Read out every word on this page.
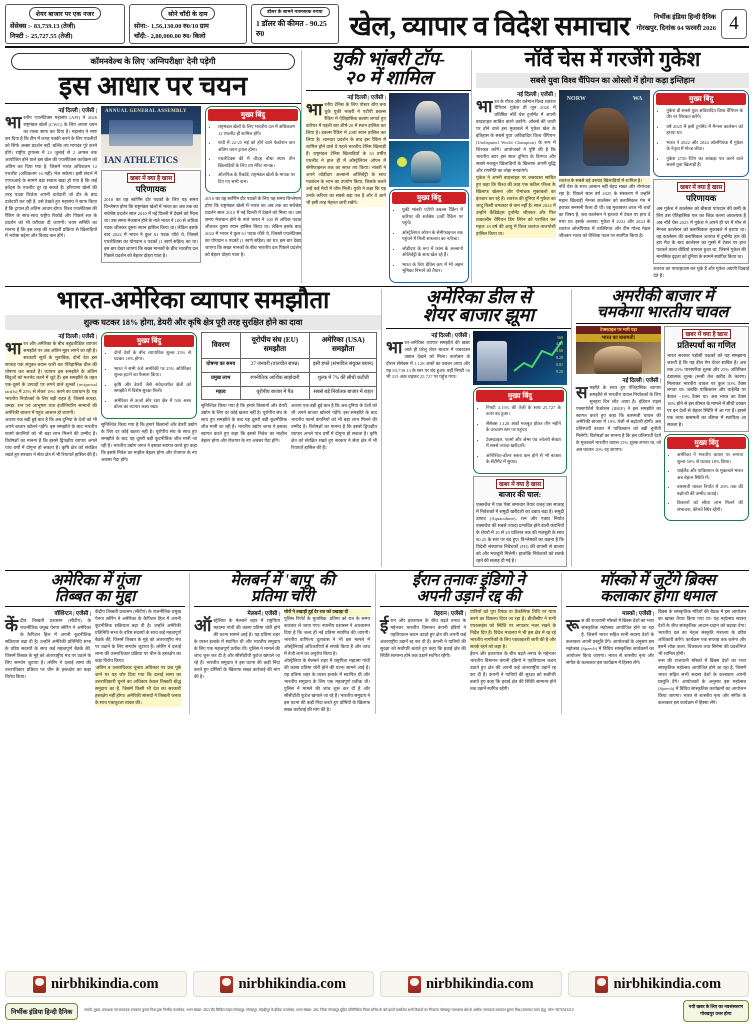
शेयर बाजार पर एक नजर
सेंसेक्स :- 83,739.13 (तेजी)
निफ्टी :- 25,727.55 (तेजी)
सोने चाँदी के दाम
सोना:- 1,56,130.00 रु0/10 ग्राम
चाँदी:- 2,80,000.00 रु0/ किलो
डॉलर के सामने नतमस्तक रुपया
1 डॉलर की कीमत - 90.25 रु0	खेल, व्यापार व विदेश समाचार	निर्भीक इंडिया हिन्दी दैनिक
गोरखपुर, दिनांक 04 फरवरी 2026 4
कॉमनवेल्थ के लिए 'अग्निपरीक्षा' देनी पड़ेगी
इस आधार पर चयन
नई दिल्ली | एजेंसी |
भारतीय एथलेटिक्स महासंघ (AFI) ने 2026 राष्ट्रमंडल खेलों (CWG) के लिए अपना चयन का रास्ता साफ कर दिया है। महासंघ ने स्पष्ट कर दिया है कि टीम में जगह पक्की करने के लिए एथलीटों को सिर्फ अच्छा प्रदर्शन नहीं, बल्कि तय मापदंड पूरे करने होंगे। राष्ट्रीय ट्रायल्स में 23 जुलाई से 2 अगस्त तक आयोजित होने वाले इस खेल की एथलेटिक्स कार्यक्रम को अंतिम कर दिया गया है, जिसमें भारत अधिकतम 12 एथलीट (अधिकतम 16 नहीं) भेज सकेगा। इसी संदर्भ में एएफआई के सामने बड़ा सवाल खड़ा हो गया है कि कई इवेंट्स के एथलीट दूर रह सकते हैं। हरियाणा खेलों की तरह पदक विजेता अपनी दावेदारी जो दौर के बाद दावेदारी कर रही है, उसे देखते हुए महासंघ ने साफ किया है कि ट्रायल ही अंतिम आधार होगा। विश्व एथलेटिक्स की रैंकिंग के साथ-साथ राष्ट्रीय रिकॉर्ड और पिछले सत्र के प्रदर्शन को भी वरीयता दी जाएगी। चयन समिति का मानना है कि इस तरह की पारदर्शी प्रक्रिया से खिलाड़ियों में भरोसा बढ़ेगा और विवाद कम होंगे।
ANNUAL GENERAL ASSEMBLY
IAN ATHLETICS
खबर में क्या है खास
परिणायक
2010 का वह स्वर्णिम दौर पदकों के लिए यह समय विश्लेषण होगा कि राष्ट्रमंडल खेलों में भारत का अब तक का सर्वश्रेष्ठ प्रदर्शन साल 2010 में नई दिल्ली में देखने को मिला था। उस समय मेजबान होने के नाते भारत ने 100 से अधिक पदक जीतकर दूसरा स्थान हासिल किया था। लेकिन इसके बाद 2022 में भारत ने कुल 61 पदक जीते थे, जिससे एथलेटिक्स का योगदान 8 पदकों (1 स्वर्ण सहित) का था। इस बार देखा जाएगा कि सख्त मानकों के बीच भारतीय दल पिछले प्रदर्शन को बेहतर दोहरा पाता है।
मुख्य बिंदु
• राष्ट्रमंडल खेलों के लिए भारतीय दल में अधिकतम 12 एथलीट ही शामिल होंगे।
• रांची में 22-25 मई को होने वाले फेडरेशन कप अंतिम चयन ट्रायल होगा।
• एथलेटिक्स की में चौदह चौथा स्थान तीन खिलाड़ियों के लिए तय मेरिट मानक।
• ओलंपिक के रिकॉर्ड, राष्ट्रमंडल खेलों के मापक पर दिए गए सभी नाम।
2010 का वह स्वर्णिम दौर पदकों के लिए यह समय विश्लेषण होगा कि राष्ट्रमंडल खेलों में भारत का अब तक का सर्वश्रेष्ठ प्रदर्शन साल 2010 में नई दिल्ली में देखने को मिला था। उस समय मेजबान होने के नाते भारत ने 100 से अधिक पदक जीतकर दूसरा स्थान हासिल किया था। लेकिन इसके बाद 2022 में भारत ने कुल 61 पदक जीते थे, जिससे एथलेटिक्स का योगदान 8 पदकों (1 स्वर्ण सहित) का था। इस बार देखा जाएगा कि सख्त मानकों के बीच भारतीय दल पिछले प्रदर्शन को बेहतर दोहरा पाता है।
युकी भांबरी टॉप-
२० में शामिल
नई दिल्ली | एजेंसी |
भारतीय टेनिस के लिए पोस्टर बॉय बना चुके युकी भांबरी ने एटीपी डबल्स रैंकिंग में ऐतिहासिक छलांग लगाते हुए करियर में पहली बार शीर्ष-20 में स्थान हासिल कर लिया है। डबल्स रैंकिंग में 20वां स्थान हासिल कर लिया है। शानदार प्रदर्शन के बाद इस रैंकिंग में शामिल होने वाले वे पहले भारतीय टेनिस खिलाड़ी हैं। राष्ट्रमंडल टेनिस खिलाड़ियों के 33 वर्षीय एथलीट ने हाल ही में ऑस्ट्रेलियन ओपन में सेमीफाइनल तक का सफर तय किया। भांबरी ने अपने जोड़ीदार अल्बानो ओलिवेट्टी के साथ गठबंधन के लाभ का उपयोग किया, जिसके चलते उन्हें कई मैचों में जीत मिली। युकी ने कहा कि यह उनके करियर का सबसे बड़ा पल है और वे आगे भी इसी तरह मेहनत जारी रखेंगे।
मुख्य बिंदु
• युकी भांबरी एटीपी डबल्स रैंकिंग में करियर की सर्वश्रेष्ठ 20वीं रैंकिंग पर पहुंचे।
• ऑस्ट्रेलियन ओपन के सेमीफाइनल तक पहुंचने में मिली सफलता का नतीजा।
• जोड़ीदार के रूप में फ्रांस के अल्बानो ओलिवेट्टी के साथ खेल रहे हैं।
• भारत के लिए डेविस कप में भी अहम भूमिका निभाने को तैयार।
नॉर्वे चेस में गरजेंगे गुकेश
सबसे युवा विश्व चैंपियन का ओस्लो में होगा कड़ा इम्तिहान
नई दिल्ली | एजेंसी |
भारत के गौरव और वर्तमान विश्व शतरंज चैंपियन गुकेश डी जून 2026 में प्रतिष्ठित नॉर्वे चेस टूर्नामेंट में अपनी बादशाहत साबित करने उतरेंगे। ओस्लो की धरती पर होने वाले इस मुकाबले में गुकेश खेल के इतिहास के सबसे युवा 'अविवादित विश्व चैंपियन' (Undisputed World Champion) के रूप में शिरकत करेंगे। आयोजकों ने पुष्टि की है कि भारतीय स्टार इस साल दुनिया के दिग्गज और सबसे मजबूत खिलाड़ियों के खिलाफ अपनी बुद्धि और रणनीति का लोहा मनवाएंगे।
गुकेश ने अपनी बादशाहत पर जबरदस्त साबित हुए कहा कि विश्व की तरह एक कठिन फील्ड के खिलाफ खेलना और रोमांचक मुकाबलों का इंतजार कर रहे हैं। शतरंज की दुनिया में गुकेश का जादू किसी चमत्कार से कम नहीं है। साल 2024 में उन्होंने कैंडिडेट्स टूर्नामेंट जीतकर और फिर तत्कालीन चैंपियन डिंग लिरेन को पराजित कर महज 18 वर्ष की आयु में विश्व शतरंज ताजपोशी हासिल किया था।
NORW	WA
शतरंज के सबसे बड़े उस्ताद खिलाड़ियों में शामिल है।
नॉर्वे चेस के साथ आसान नहीं बेहद सख्त और रोमांचक रहा है। पिछले साल वर्ष 2025 के संस्करण में उन्होंने महान खिलाड़ी मैग्नस कार्लसन को क्लासिकल गेम में हराकर सनसनी फैला दी थी। वह मुकाबला आज भी चर्चा का विषय है, जब कार्लसन ने हताशा में टेबल पर हाथ दे मारा था। इसके अलावा, गुकेश ने 2022 और 2024 के शतरंज ओलंपियाड में व्यक्तिगत और टीम गोल्ड मेडल जीतकर भारत को वैश्विक पटल पर स्थापित किया है।
मुख्य बिंदु
• गुकेश डी सबसे युवा अविवादित विश्व चैंपियन के तौर पर शिरकत करेंगे।
• वर्ष 2025 में इसी टूर्नामेंट में मैग्नस कार्लसन को हराया था।
• भारत ने 2022 और 2024 ओलंपियाड में गुकेश के नेतृत्व में गोल्ड जीता।
• गुकेश 2750 रेटिंग का आंकड़ा पार करने वाले सबसे युवा खिलाड़ी हैं।
खबर में क्या है खास
परिणायक
अब गुकेश ने कार्लसन को बीसवां पायदान की कमी के लिए उस ऐतिहासिक पल का जिक्र करना आवश्यक है अब नॉर्वे चेस 2025 में गुकेश ने अपने ही घर में मौन से मैग्नस कार्लसन को क्लासिकल मुकाबले में हराया था। वह कार्लसन की क्लासिकल शतरंज में टूर्नामेंट हार की हार मैच के बाद कार्लसन का गुस्से में टेबल पर हाथ पटकने वाला वीडियो वायरल हुआ था, जिसने गुकेश की मानसिक दृढ़ता को दुनिया के सामने स्थापित किया था।
शतरंज का पावरहाउस बन चुके हैं और गुकेश अग्रणी दिखाई देते हैं।
भारत-अमेरिका व्यापार समझौता
शुल्क घटकर 18% होगा, डेयरी और कृषि क्षेत्र पूरी तरह सुरक्षित होने का दावा
नई दिल्ली | एजेंसी |
भारत और अमेरिका के बीच बहुप्रतीक्षित व्यापार समझौते पर अब अंतिम मुहर लगने जा रही है। सरकारी सूत्रों के मुताबिक, दोनों देश इस सप्ताह एक संयुक्त बयान जारी कर ऐतिहासिक डील की घोषणा कर सकते हैं। व्यापार इस समझौते के अंतिम बिंदुओं को मतभेद करने में जुटे हैं। इस समझौते के तहत एक-दूसरे के उत्पादों पर लगने वाले शुल्कों (reciprocal tariffs) में 25% से लेकर 18% करने का प्रावधान है। यह भारतीय निर्यातकों के लिए बड़ी राहत है, जिससे कपड़ा, चमड़ा, रत्न एवं आभूषण तथा इंजीनियरिंग सामानों की अमेरिकी बाजार में पहुंच आसान हो जाएगी।
आशय एक बड़ी हुई बात है कि अब दुनिया के देशों को भी अपने बाजार खोलने पड़ेंगे। इस समझौते के बाद भारतीय फार्मा कंपनियों को भी बड़ा लाभ मिलने की उम्मीद है। विशेषज्ञों का मानना है कि इससे द्विपक्षीय व्यापार अगले पांच वर्षों में दोगुना हो सकता है। कृषि क्षेत्र को संरक्षित रखते हुए सरकार ने सेवा क्षेत्र में भी रियायतें हासिल की हैं।
मुख्य बिंदु
• दोनों देशों के बीच व्यापारिक शुल्क 25% से घटकर 18% होगा।
• भारत ने सभी ऊंचे अमरिकी पर 25% अतिरिक्त शुल्क हटाने का फैसला किया।
• कृषि और डेयरी जैसे संवेदनशील क्षेत्रों को समझौते में विशेष सुरक्षा मिली।
• अमेरिका से ऊर्जा और रक्षा क्षेत्र में 500 अरब डॉलर का व्यापार लक्ष्य रखा।
सुनिश्चित किया गया है कि हमारे किसानों और डेयरी उद्योग के लिए दर कोई खतरा नहीं है। यूरोपीय संघ के साथ हुए समझौते के बाद यह दूसरी बड़ी कूटनीतिक जीत मानी जा रही है। भारतीय उद्योग जगत ने इसका स्वागत करते हुए कहा कि इससे निवेश का माहौल बेहतर होगा और रोजगार के नए अवसर पैदा होंगे।
विवरण	यूरोपीय संघ (EU) समझौता	अमेरिका (USA) समझौता
घोषणा का समय	27 जनवरी (वातचीत संपन्न)	इसी हफ्ते (संभावित संयुक्त बयान)
प्रमुख लाभ	रणनीतिक आर्थिक साझेदारी	शुल्क में 7% की सीधी कटौती
महत्व	यूरोपीय बाजार में पैठ	सबसे बड़े निर्यातक बाजार में राहत
सुनिश्चित किया गया है कि हमारे किसानों और डेयरी उद्योग के लिए दर कोई खतरा नहीं है। यूरोपीय संघ के साथ हुए समझौते के बाद यह दूसरी बड़ी कूटनीतिक जीत मानी जा रही है। भारतीय उद्योग जगत ने इसका स्वागत करते हुए कहा कि इससे निवेश का माहौल बेहतर होगा और रोजगार के नए अवसर पैदा होंगे।
आशय एक बड़ी हुई बात है कि अब दुनिया के देशों को भी अपने बाजार खोलने पड़ेंगे। इस समझौते के बाद भारतीय फार्मा कंपनियों को भी बड़ा लाभ मिलने की उम्मीद है। विशेषज्ञों का मानना है कि इससे द्विपक्षीय व्यापार अगले पांच वर्षों में दोगुना हो सकता है। कृषि क्षेत्र को संरक्षित रखते हुए सरकार ने सेवा क्षेत्र में भी रियायतें हासिल की हैं।
अमेरिका डील से
शेयर बाजार झूमा
नई दिल्ली | एजेंसी |
भारत-अमेरिका व्यापार समझौते की खबर आते ही घरेलू शेयर बाजार में जबरदस्त उछाल देखने को मिला। कारोबार के दौरान सेंसेक्स में 1,128 अंकों का उछाल आया और यह 83,739.13 के स्तर पर बंद हुआ। वहीं निफ्टी 50 भी 315 अंक चढ़कर 25,727 पर पहुंच गया।
560
4.00
0.68
8.28
0.81
9.20
मुख्य बिंदु
• निफ्टी 3.15% की तेजी के साथ 25,727 के ऊपर बंद हुआ।
• सेंसेक्स 1,128 अंकों मजबूत होकर तीन महीने के उच्चतम स्तर पर पहुंचा।
• टेक्सटाइल, फार्मा और जेम्स एंड ज्वेलरी सेक्टर में सबसे ज्यादा खरीदारी।
• अनिश्चित-डॉलर सस्ता कम होने से भी बाजार के सेंटीमेंट में सुधार।
खबर में क्या है खास
बाजार की चाल:
एक्सचेंज में एक ऐसा समाचार तैयार वजह उस सप्ताह में निवेशकों में समुद्री खरीदारी का दबाव बढ़ा है। समुद्री उत्पाद (Aquaculture), रत्न और एक्वा निर्यात एक्सचेंज की सबसे ज्यादा प्रभावित होने वाली कंपनियों के शेयरों में 10 से 20 प्रतिशत तक की मजबूती के साथ 90.25 के स्तर पर बंद हुए। विश्लेषकों का कहना है कि विदेशी संस्थागत निवेशकों (FII) की वापसी से बाजार को और मजबूती मिलेगी। हालांकि निवेशकों को सतर्क रहने की सलाह दी गई है।
अमरीकी बाजार में
चमकेगा भारतीय चावल
टेक्सटाइल पर भारी पड़ा
भारत का बासमती!
नई दिल्ली | एजेंसी |
समझौते के साथ हुए ऐतिहासिक व्यापार समझौते से भारतीय चावल निर्यातकों के लिए सुनहरा दिन लौट आया है। इंडियन राइस एक्सपोर्टर्स फेडरेशन (IREF) ने इस समझौते का स्वागत करते हुए कहा कि बासमती चावल की अमेरिकी बाजार में 18% तेजी से बढ़ोतरी होगी। अब प्रतिस्पर्धी बाजार में पाकिस्तान को बड़ी चुनौती मिलेगी। विशेषज्ञों का मानना है कि इस प्रतिस्पर्धी देशों के मुकाबले भारतीय चावल 15% शुल्क लगता था, जो अब घटकर 10% रह जाएगा।
खबर में क्या है खास
प्रतिस्पर्धा का गणित
भारत सरकार पड़ोसी पक्षकों को यह समझाना जरूरी है कि यह डील गेम चेंजर साबित है। अब तक 25% पारस्परिक शुल्क और 25% अतिरिक्त दंडात्मक शुल्क (रूसी तेल खरीद के कारण) मिलाकर भारतीय चावल पर कुल 50% टैक्स लगता था। जबकि पाकिस्तान और थाईलैंड पर केवल ~19% टैक्स था। अब भारत का टैक्स 18% होने से इस कीमत के मामले में सीधी टक्कर पर इन देशों से बेहतर स्थिति में आ गए हैं। इससे एक तरफ बासमती का कीमत में स्थायित्व आ सकता है।
मुख्य बिंदु
• अमेरिका ने भारतीय चावल पर लगाया शुल्क 50% से घटकर 18% किया।
• थाईलैंड और पाकिस्तान के मुकाबले भारत अब बेहतर स्थिति में।
• बासमती चावल निर्यात में 20% तक की बढ़ोतरी की उम्मीद जताई।
• किसानों को सीधा लाभ मिलने की संभावना, कीमतें स्थिर रहेंगी।
अमेरिका में गूंजा
तिब्बत का मुद्दा
वॉशिंग्टन | एजेंसी |
केंद्रीय तिब्बती प्रशासन (सीटीए) के राजनीतिक प्रमुख पेनपा त्सेरिंग ने अमेरिका के कैपिटल हिल में अपनी कूटनीतिक सक्रियता बढ़ा दी है। उन्होंने अमेरिकी प्रतिनिधि सभा के वरिष्ठ सदस्यों के साथ कई महत्वपूर्ण बैठकें कीं, जिसमें तिब्बत के मुद्दे को अंतरराष्ट्रीय मंच पर उठाने के लिए समर्थन जुटाया है। त्सेरिंग ने दलाई लामा की उत्तराधिकार प्रक्रिया पर चीन के हस्तक्षेप का कड़ा विरोध किया।
केंद्रीय तिब्बती प्रशासन (सीटीए) के राजनीतिक प्रमुख पेनपा त्सेरिंग ने अमेरिका के कैपिटल हिल में अपनी कूटनीतिक सक्रियता बढ़ा दी है। उन्होंने अमेरिकी प्रतिनिधि सभा के वरिष्ठ सदस्यों के साथ कई महत्वपूर्ण बैठकें कीं, जिसमें तिब्बत के मुद्दे को अंतरराष्ट्रीय मंच पर उठाने के लिए समर्थन जुटाया है। त्सेरिंग ने दलाई लामा की उत्तराधिकार प्रक्रिया पर चीन के हस्तक्षेप का कड़ा विरोध किया।
'अंतिम व उत्तराधिकार चुनाव अधिकार पर प्रश्न पूछे जाने पर यह जोर दिया गया कि दलाई लामा का उत्तराधिकारी चुनने का अधिकार केवल तिब्बती बौद्ध समुदाय का है, जिसमें किसी भी देश का सरकारी हस्तक्षेप नहीं होगा। अमेरिकी सांसदों ने तिब्बती जनता के साथ एकजुटता व्यक्त की।
मेलबर्न में 'बापू' की
प्रतिमा चोरी
मेलबर्न | एजेंसी |
ऑस्ट्रेलिया के मेलबर्न शहर में राष्ट्रपिता महात्मा गांधी की कांस्य प्रतिमा चोरी होने की घटना सामने आई है। यह प्रतिमा शहर के व्यस्त इलाके में स्थापित थी और भारतीय समुदाय के लिए एक महत्वपूर्ण प्रतीक थी। पुलिस ने मामले की जांच शुरू कर दी है और सीसीटीवी फुटेज खंगाले जा रहे हैं। भारतीय समुदाय ने इस घटना की कड़ी निंदा करते हुए दोषियों के खिलाफ सख्त कार्रवाई की मांग की है।
चोरों ने उखाड़ी हुई देर रात को उखाड़ा दी
पुलिस रिपोर्ट के मुताबिक, प्रतिमा को रात के समय काटकर ले जाया गया। स्थानीय प्रशासन ने आश्वासन दिया है कि जल्द ही नई प्रतिमा स्थापित की जाएगी। भारतीय वाणिज्य दूतावास ने भी इस मामले में ऑस्ट्रेलियाई अधिकारियों से संपर्क किया है और जांच में तेजी लाने का अनुरोध किया है।
ऑस्ट्रेलिया के मेलबर्न शहर में राष्ट्रपिता महात्मा गांधी की कांस्य प्रतिमा चोरी होने की घटना सामने आई है। यह प्रतिमा शहर के व्यस्त इलाके में स्थापित थी और भारतीय समुदाय के लिए एक महत्वपूर्ण प्रतीक थी। पुलिस ने मामले की जांच शुरू कर दी है और सीसीटीवी फुटेज खंगाले जा रहे हैं। भारतीय समुदाय ने इस घटना की कड़ी निंदा करते हुए दोषियों के खिलाफ सख्त कार्रवाई की मांग की है।
ईरान तनावः इंडिगो ने
अपनी उड़ानें रद्द की
तेहरान | एजेंसी |
ईरान और इजरायल के बीच बढ़ते तनाव के मद्देनजर भारतीय विमानन कंपनी इंडिगो ने एहतियातन कदम उठाते हुए क्षेत्र की अपनी कई अंतरराष्ट्रीय उड़ानें रद्द कर दी हैं। कंपनी ने यात्रियों की सुरक्षा को सर्वोपरि बताते हुए कहा कि हवाई क्षेत्र की स्थिति सामान्य होने तक उड़ानें स्थगित रहेंगी।
यात्रियों को पूरा रिफंड या वैकल्पिक तिथि पर यात्रा करने का विकल्प दिया जा रहा है। डीजीसीए ने सभी एयरलाइंस को स्थिति पर लगातार नजर रखने के निर्देश दिए हैं। विदेश मंत्रालय ने भी इस क्षेत्र में रह रहे भारतीय नागरिकों के लिए एडवाइजरी जारी की है और सतर्क रहने को कहा है।
ईरान और इजरायल के बीच बढ़ते तनाव के मद्देनजर भारतीय विमानन कंपनी इंडिगो ने एहतियातन कदम उठाते हुए क्षेत्र की अपनी कई अंतरराष्ट्रीय उड़ानें रद्द कर दी हैं। कंपनी ने यात्रियों की सुरक्षा को सर्वोपरि बताते हुए कहा कि हवाई क्षेत्र की स्थिति सामान्य होने तक उड़ानें स्थगित रहेंगी।
मॉस्को में जुटेंगे ब्रिक्स
कलाकार होगा धमाल
मास्को | एजेंसी |
रूस की राजधानी मॉस्को में ब्रिक्स देशों का भव्य सांस्कृतिक महोत्सव आयोजित होने जा रहा है, जिसमें भारत सहित सभी सदस्य देशों के कलाकार अपनी प्रस्तुति देंगे। आयोजकों के अनुसार इस महोत्सव (Speech) में विविध सांस्कृतिक कार्यक्रमों का आयोजन किया जाएगा। भारत से शास्त्रीय नृत्य और संगीत के कलाकार इस कार्यक्रम में हिस्सा लेंगे।
ब्रिक्स के सांस्कृतिक मंत्रियों की बैठक में इस आयोजन का खाका तैयार किया गया था। यह महोत्सव सदस्य देशों के बीच सांस्कृतिक आदान-प्रदान को बढ़ावा देगा। भारतीय दल का नेतृत्व संस्कृति मंत्रालय के वरिष्ठ अधिकारी करेंगे। कार्यक्रम एक सप्ताह तक चलेगा और इसमें लोक कला, चित्रकला तथा सिनेमा की प्रदर्शनियां भी शामिल होंगी।
रूस की राजधानी मॉस्को में ब्रिक्स देशों का भव्य सांस्कृतिक महोत्सव आयोजित होने जा रहा है, जिसमें भारत सहित सभी सदस्य देशों के कलाकार अपनी प्रस्तुति देंगे। आयोजकों के अनुसार इस महोत्सव (Speech) में विविध सांस्कृतिक कार्यक्रमों का आयोजन किया जाएगा। भारत से शास्त्रीय नृत्य और संगीत के कलाकार इस कार्यक्रम में हिस्सा लेंगे।
nirbhikindia.com	nirbhikindia.com	nirbhikindia.com	nirbhikindia.com
निर्भीक इंडिया हिन्दी दैनिक	स्वामी, मुद्रक, प्रकाशक एवं सम्पादक रमाकांत कुमार मिश्र द्वारा निर्भीक कार्यालय, भवन संख्या- 282 (बी) सिविल लाइन गोरखपुर, गोरखपुर, मोहद्दीपुर के इंडिया कार्यालय, भवन संख्या- 282, जिला गोरखपुर मुद्रित प्रतिनिधित्व नियम सचिव के बारे इसमें प्रकाशित सभी विवादों का निपटारा गोरखपुर न्यायालय क्षेत्र के अधीन। सम्पादक रमाकांत कुमार मिश्र (समाचार चयन हेतु), फोन- 9876543210
नयी खबर के लिए का नवसंस्करण
गोरखपुर उत्तर होगा
